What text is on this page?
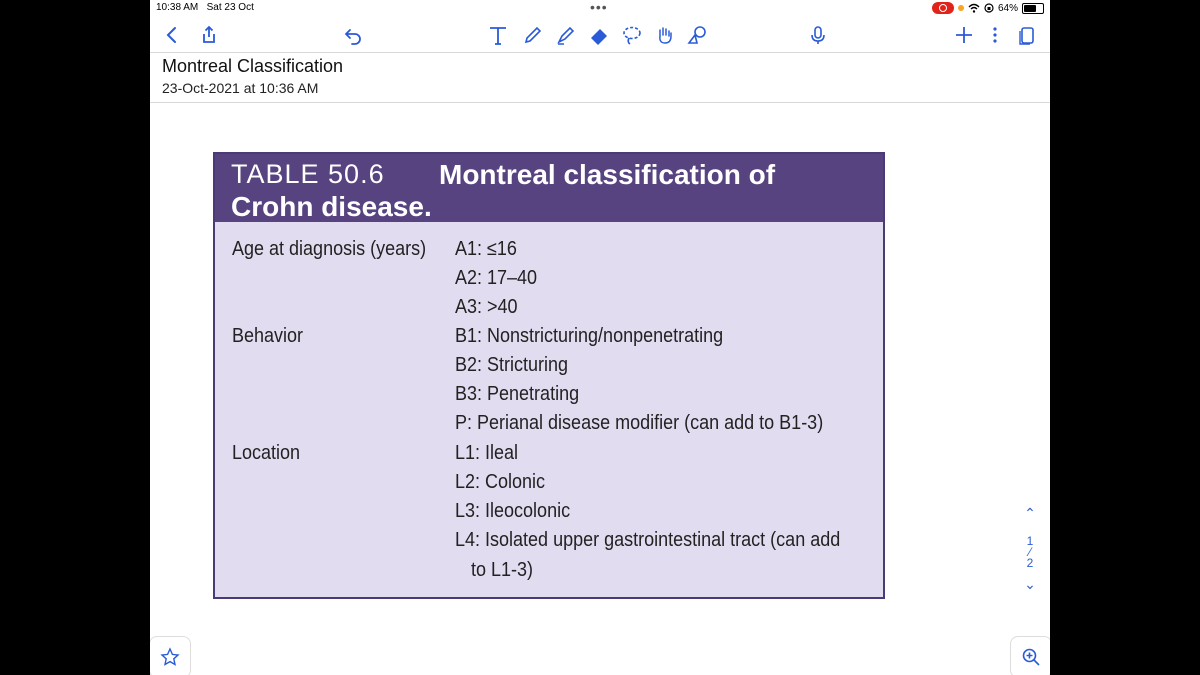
10:38 AM Sat 23 Oct	•••	64%
Montreal Classification
23-Oct-2021 at 10:36 AM
TABLE 50.6 Montreal classification of
Crohn disease.
Age at diagnosis (years) A1: ≤16
A2: 17–40
A3: >40
Behavior	B1: Nonstricturing/nonpenetrating
B2: Stricturing
B3: Penetrating
P: Perianal disease modifier (can add to B1-3)
Location	L1: Ileal
L2: Colonic
L3: Ileocolonic
L4: Isolated upper gastrointestinal tract (can add
to L1-3)
⌃
1
⁄
2
⌄
